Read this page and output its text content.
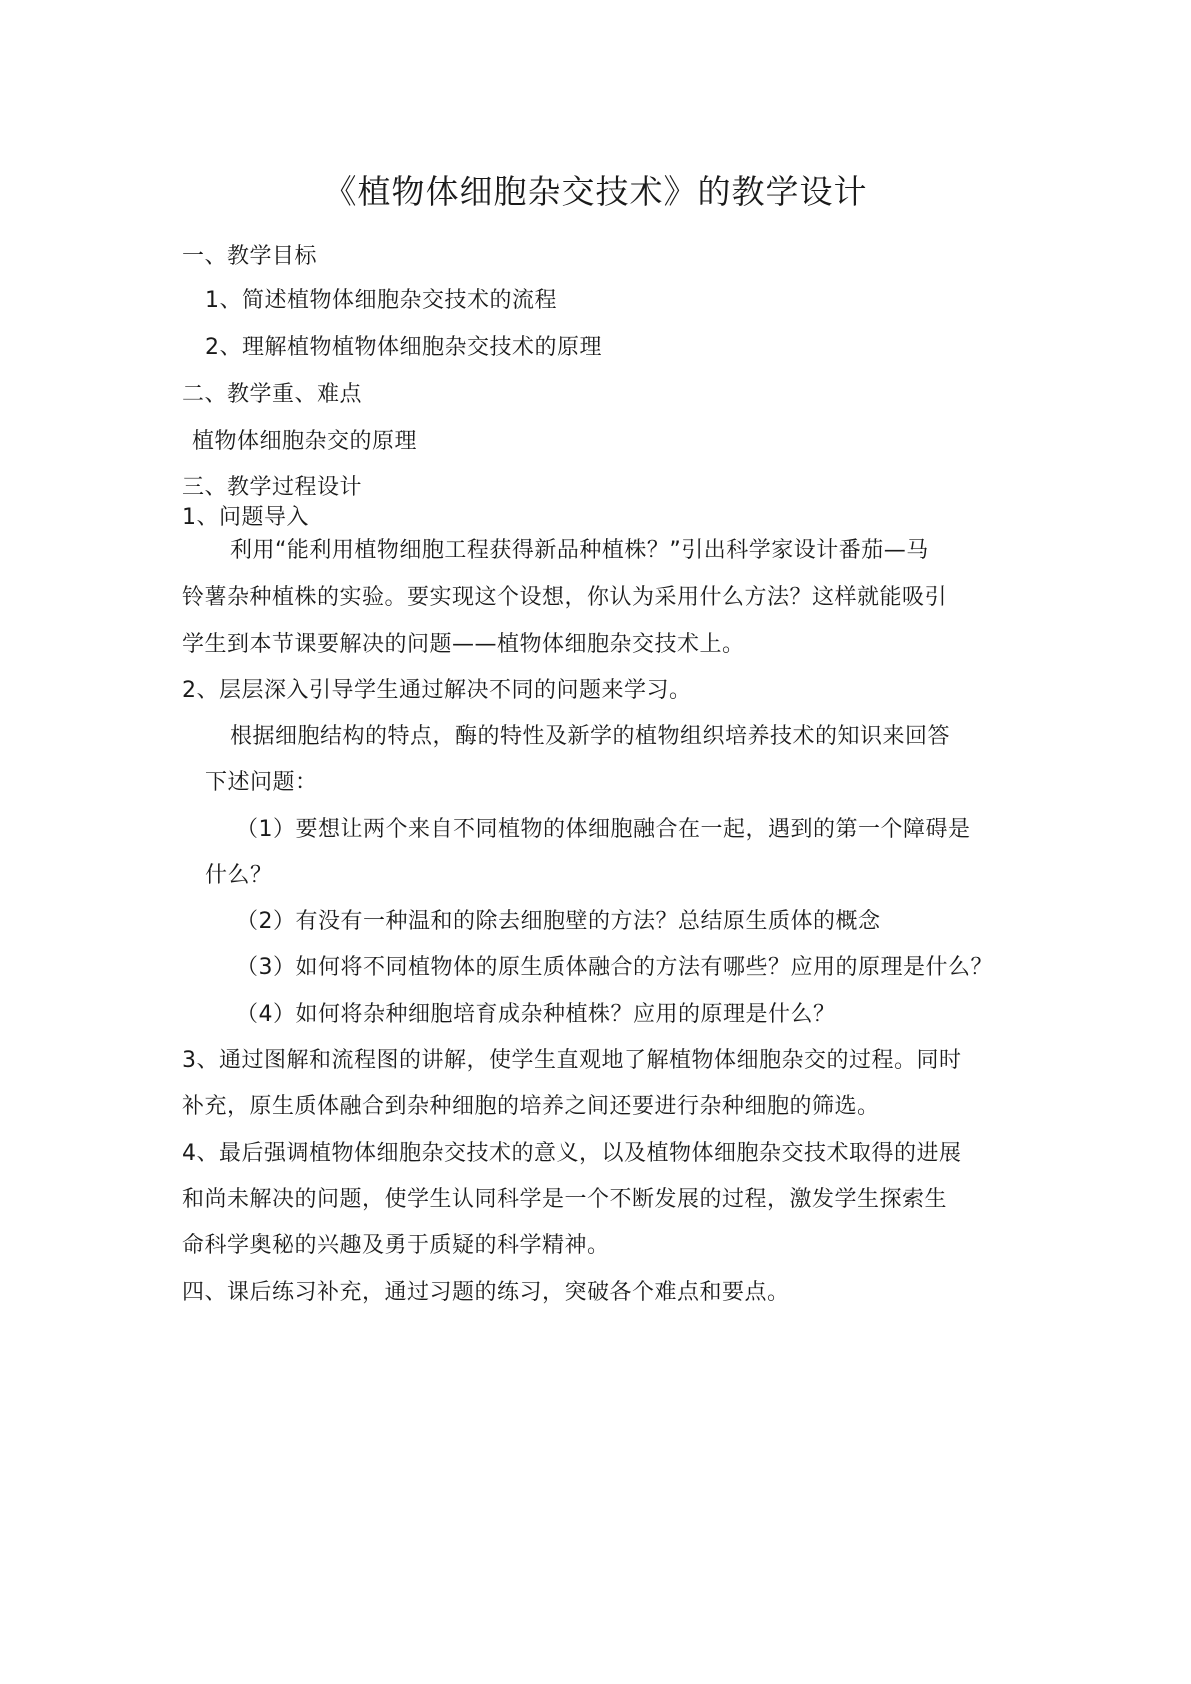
《植物体细胞杂交技术》的教学设计
一、教学目标
1、简述植物体细胞杂交技术的流程
2、理解植物植物体细胞杂交技术的原理
二、教学重、难点
植物体细胞杂交的原理
三、教学过程设计
1、问题导入
利用“能利用植物细胞工程获得新品种植株？”引出科学家设计番茄—马
铃薯杂种植株的实验。要实现这个设想，你认为采用什么方法？这样就能吸引
学生到本节课要解决的问题——植物体细胞杂交技术上。
2、层层深入引导学生通过解决不同的问题来学习。
根据细胞结构的特点，酶的特性及新学的植物组织培养技术的知识来回答
下述问题：
（1）要想让两个来自不同植物的体细胞融合在一起，遇到的第一个障碍是
什么？
（2）有没有一种温和的除去细胞壁的方法？总结原生质体的概念
（3）如何将不同植物体的原生质体融合的方法有哪些？应用的原理是什么？
（4）如何将杂种细胞培育成杂种植株？应用的原理是什么？
3、通过图解和流程图的讲解，使学生直观地了解植物体细胞杂交的过程。同时
补充，原生质体融合到杂种细胞的培养之间还要进行杂种细胞的筛选。
4、最后强调植物体细胞杂交技术的意义，以及植物体细胞杂交技术取得的进展
和尚未解决的问题，使学生认同科学是一个不断发展的过程，激发学生探索生
命科学奥秘的兴趣及勇于质疑的科学精神。
四、课后练习补充，通过习题的练习，突破各个难点和要点。
